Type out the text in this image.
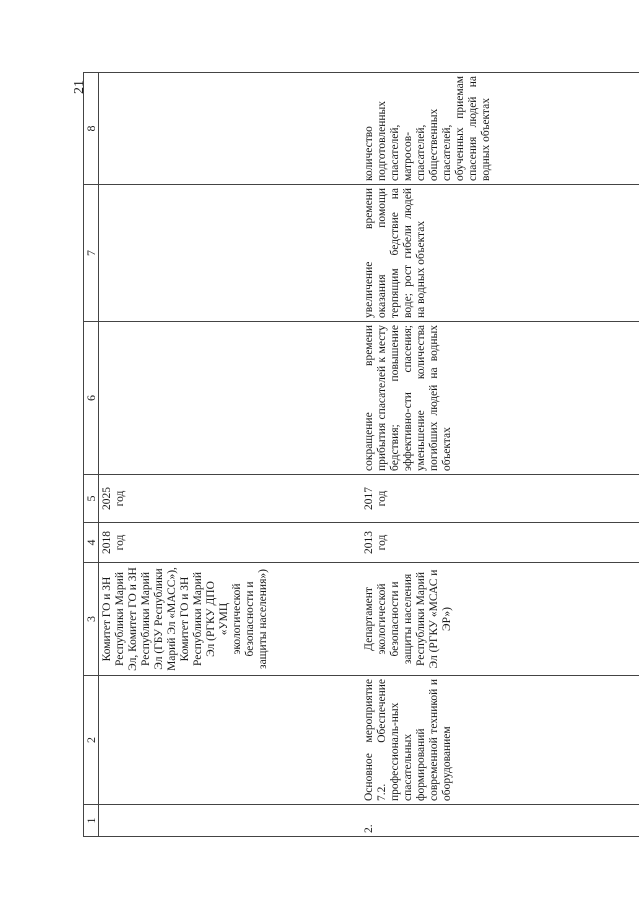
21
1	2	3	4	5	6	7	8
		Комитет ГО и ЗН Республики Марий Эл, Комитет ГО и ЗН Республики Марий Эл (ГБУ Республики Марий Эл «МАСС»), Комитет ГО и ЗН Республики Марий Эл (РГКУ ДПО «УМЦ экологической безопасности и защиты населения»)	2018 год	2025 год			
2.	Основное мероприятие 7.2. Обеспечение профессиональ-ных спасательных формирований современной техникой и оборудованием	Департамент экологической безопасности и защиты населения Республики Марий Эл (РГКУ «МСАС и ЭР»)	2013 год	2017 год	сокращение времени прибытия спасателей к месту бедствия; повышение эффективно-сти спасения; уменьшение количества погибших людей на водных объектах	увеличение времени оказания помощи терпящим бедствие на воде; рост гибели людей на водных объектах	количество подготовленных спасателей, матросов-спасателей, общественных спасателей, обученных приемам спасения людей на водных объектах
